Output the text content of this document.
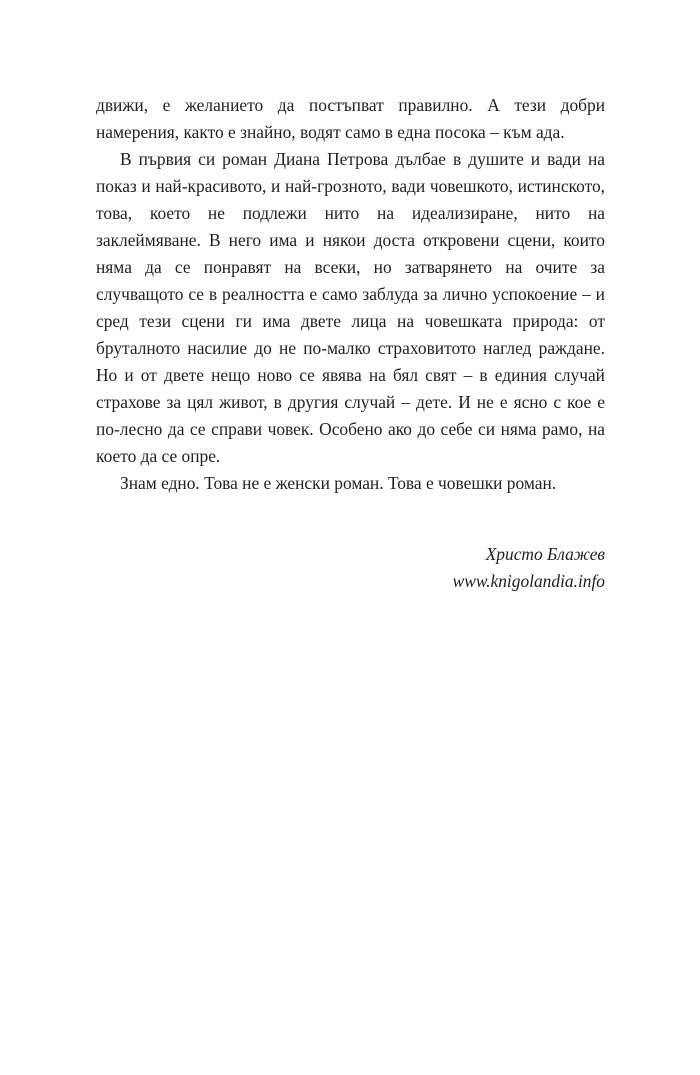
движи, е желанието да постъпват правилно. А тези добри намерения, както е знайно, водят само в една посока – към ада.

В първия си роман Диана Петрова дълбае в душите и вади на показ и най-красивото, и най-грозното, вади човешкото, истинското, това, което не подлежи нито на идеализиране, нито на заклеймяване. В него има и някои доста откровени сцени, които няма да се понравят на всеки, но затварянето на очите за случващото се в реалността е само заблуда за лично успокоение – и сред тези сцени ги има двете лица на човешката природа: от бруталното насилие до не по-малко страховитото наглед раждане. Но и от двете нещо ново се явява на бял свят – в единия случай страхове за цял живот, в другия случай – дете. И не е ясно с кое е по-лесно да се справи човек. Особено ако до себе си няма рамо, на което да се опре.

Знам едно. Това не е женски роман. Това е човешки роман.

Христо Блажев
www.knigolandia.info
